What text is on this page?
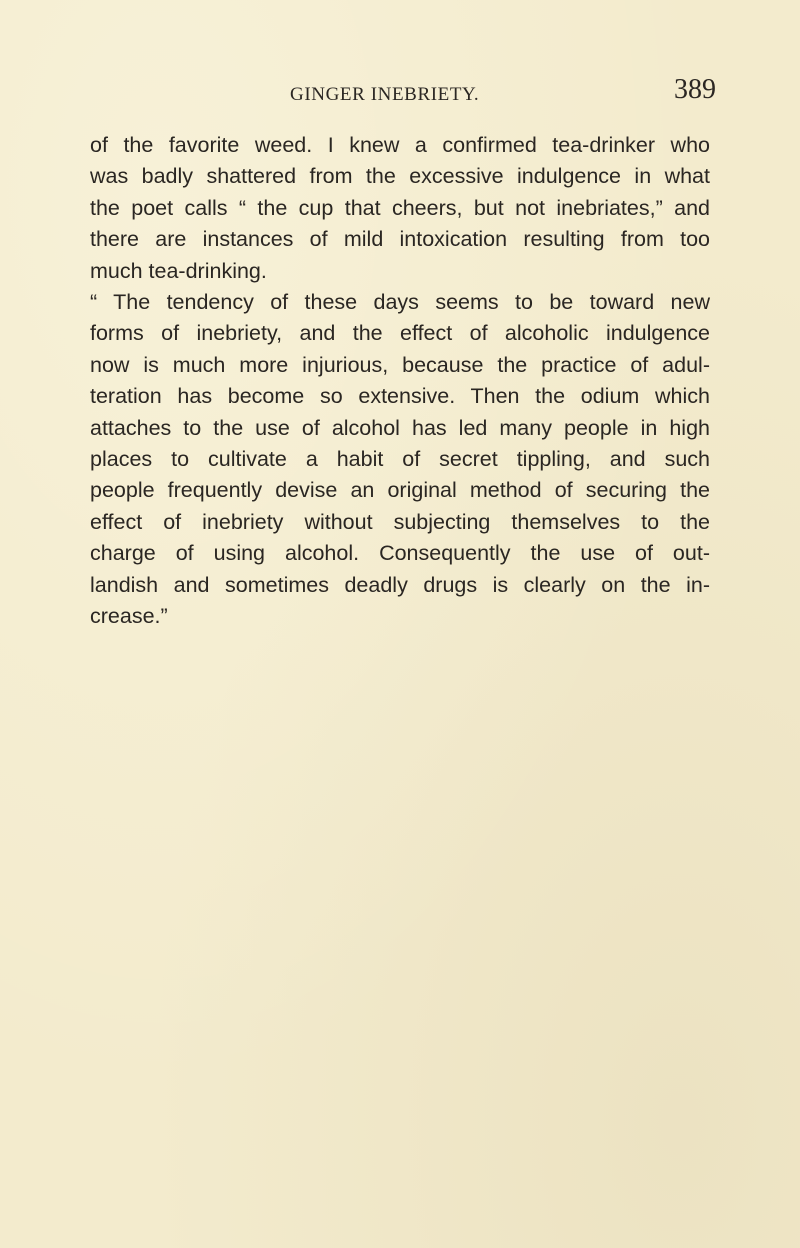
GINGER INEBRIETY.	389
of the favorite weed. I knew a confirmed tea-drinker who
was badly shattered from the excessive indulgence in what
the poet calls “ the cup that cheers, but not inebriates,” and
there are instances of mild intoxication resulting from too
much tea-drinking.
“ The tendency of these days seems to be toward new
forms of inebriety, and the effect of alcoholic indulgence
now is much more injurious, because the practice of adul-
teration has become so extensive. Then the odium which
attaches to the use of alcohol has led many people in high
places to cultivate a habit of secret tippling, and such
people frequently devise an original method of securing the
effect of inebriety without subjecting themselves to the
charge of using alcohol. Consequently the use of out-
landish and sometimes deadly drugs is clearly on the in-
crease.”
